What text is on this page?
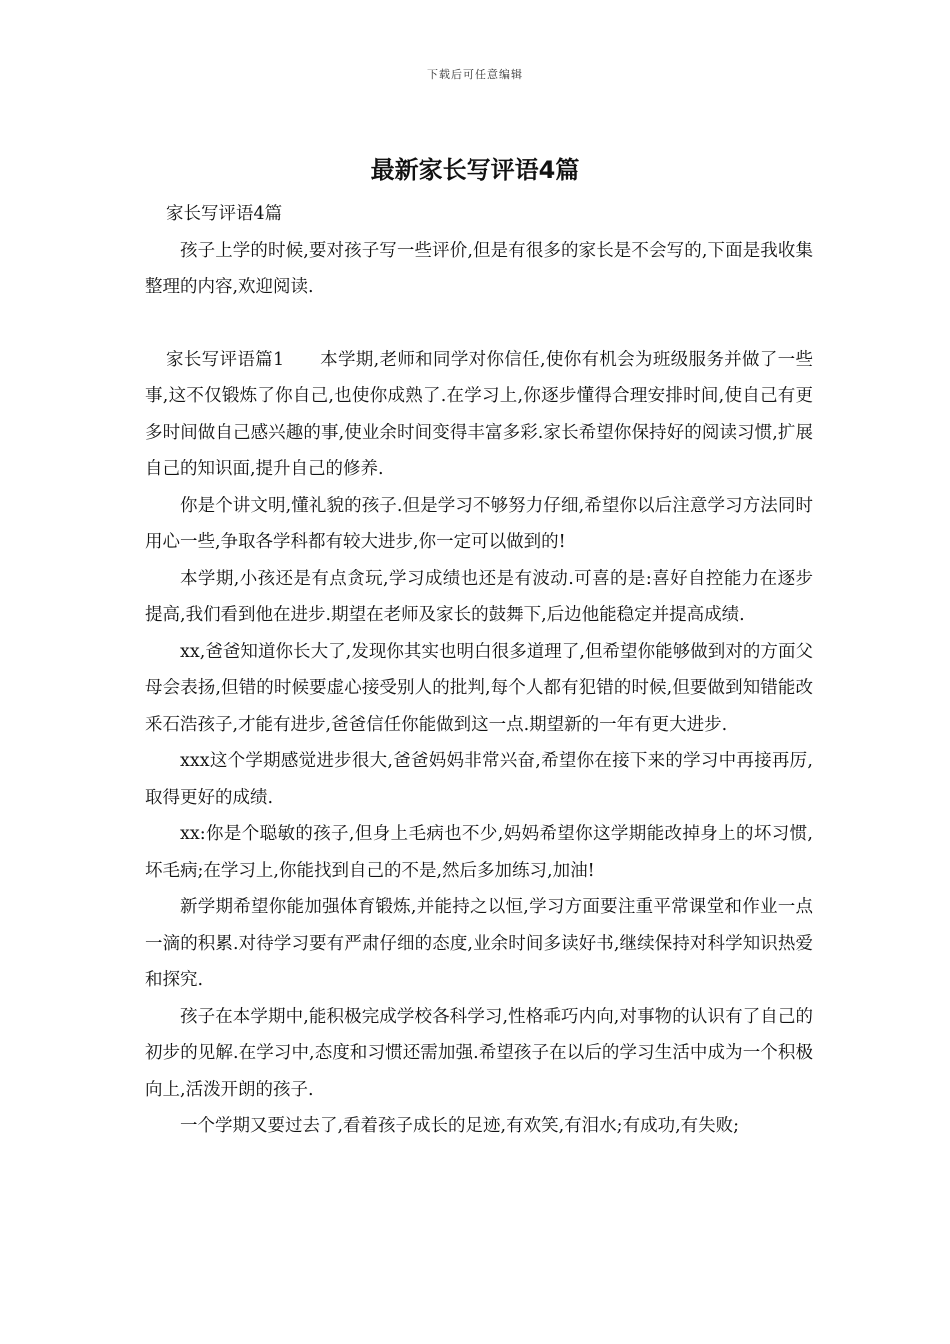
下载后可任意编辑
最新家长写评语4篇

家长写评语4篇

孩子上学的时候,要对孩子写一些评价,但是有很多的家长是不会写的,下面是我收集整理的内容,欢迎阅读.

家长写评语篇1　　本学期,老师和同学对你信任,使你有机会为班级服务并做了一些事,这不仅锻炼了你自己,也使你成熟了.在学习上,你逐步懂得合理安排时间,使自己有更多时间做自己感兴趣的事,使业余时间变得丰富多彩.家长希望你保持好的阅读习惯,扩展自己的知识面,提升自己的修养.

你是个讲文明,懂礼貌的孩子.但是学习不够努力仔细,希望你以后注意学习方法同时用心一些,争取各学科都有较大进步,你一定可以做到的!

本学期,小孩还是有点贪玩,学习成绩也还是有波动.可喜的是:喜好自控能力在逐步提高,我们看到他在进步.期望在老师及家长的鼓舞下,后边他能稳定并提高成绩.

xx,爸爸知道你长大了,发现你其实也明白很多道理了,但希望你能够做到对的方面父母会表扬,但错的时候要虚心接受别人的批判,每个人都有犯错的时候,但要做到知错能改釆石浩孩子,才能有进步,爸爸信任你能做到这一点.期望新的一年有更大进步.

xxx这个学期感觉进步很大,爸爸妈妈非常兴奋,希望你在接下来的学习中再接再厉,取得更好的成绩.

xx:你是个聪敏的孩子,但身上毛病也不少,妈妈希望你这学期能改掉身上的坏习惯,坏毛病;在学习上,你能找到自己的不是,然后多加练习,加油!

新学期希望你能加强体育锻炼,并能持之以恒,学习方面要注重平常课堂和作业一点一滴的积累.对待学习要有严肃仔细的态度,业余时间多读好书,继续保持对科学知识热爱和探究.

孩子在本学期中,能积极完成学校各科学习,性格乖巧内向,对事物的认识有了自己的初步的见解.在学习中,态度和习惯还需加强.希望孩子在以后的学习生活中成为一个积极向上,活泼开朗的孩子.

一个学期又要过去了,看着孩子成长的足迹,有欢笑,有泪水;有成功,有失败;
